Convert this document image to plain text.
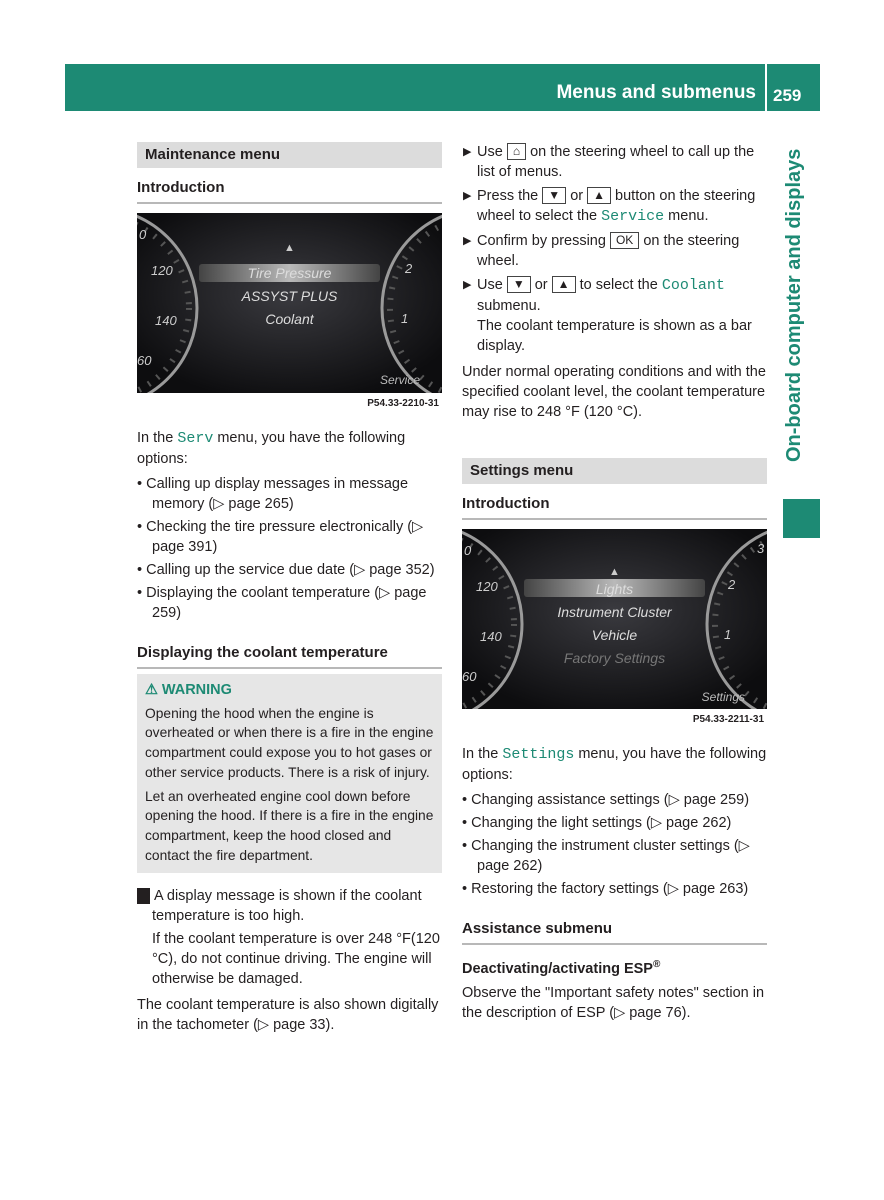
Menus and submenus 259
On-board computer and displays
Maintenance menu
Introduction
▲
Tire Pressure
ASSYST PLUS
Coolant
0
120
140
60
2
1
Service
P54.33-2210-31

In the Serv menu, you have the following options:

• Calling up display messages in message memory (▷ page 265)

• Checking the tire pressure electronically (▷ page 391)

• Calling up the service due date (▷ page 352)

• Displaying the coolant temperature (▷ page 259)

Displaying the coolant temperature
⚠ WARNING

Opening the hood when the engine is overheated or when there is a fire in the engine compartment could expose you to hot gases or other service products. There is a risk of injury.

Let an overheated engine cool down before opening the hood. If there is a fire in the engine compartment, keep the hood closed and contact the fire department.

! A display message is shown if the coolant temperature is too high.

If the coolant temperature is over 248 °F(120 °C), do not continue driving. The engine will otherwise be damaged.

The coolant temperature is also shown digitally in the tachometer (▷ page 33).

▶ Use ⌂ on the steering wheel to call up the list of menus.
▶ Press the ▼ or ▲ button on the steering wheel to select the Service menu.
▶ Confirm by pressing OK on the steering wheel.
▶ Use ▼ or ▲ to select the Coolant submenu.

The coolant temperature is shown as a bar display.

Under normal operating conditions and with the specified coolant level, the coolant temperature may rise to 248 °F (120 °C).

Settings menu
Introduction
▲
Lights
Instrument Cluster
Vehicle
Factory Settings
0
120
140
60
3
2
1
Settings
P54.33-2211-31

In the Settings menu, you have the following options:

• Changing assistance settings (▷ page 259)

• Changing the light settings (▷ page 262)

• Changing the instrument cluster settings (▷ page 262)

• Restoring the factory settings (▷ page 263)

Assistance submenu

Deactivating/activating ESP®

Observe the "Important safety notes" section in the description of ESP (▷ page 76).
